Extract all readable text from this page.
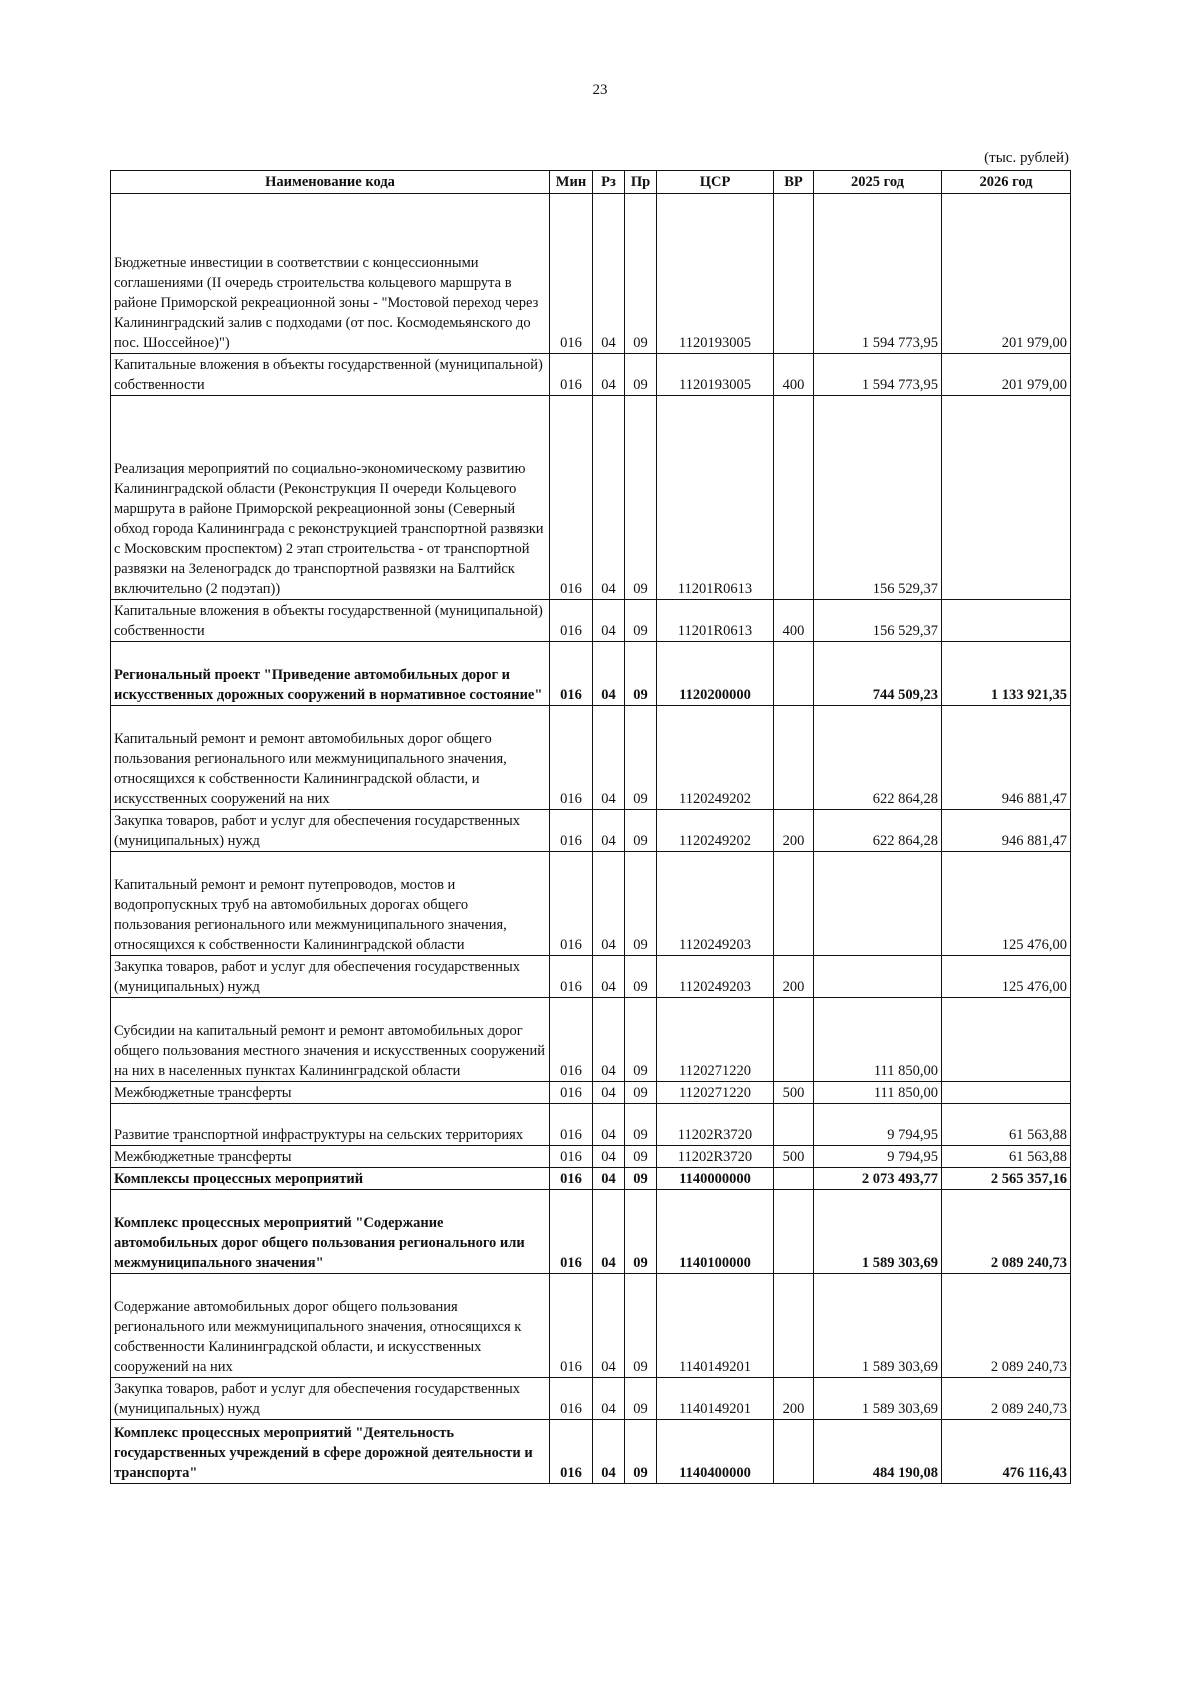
23
(тыс. рублей)
Наименование кода	Мин	Рз	Пр	ЦСР	ВР	2025 год	2026 год
Бюджетные инвестиции в соответствии с концессионными соглашениями (II очередь строительства кольцевого маршрута в районе Приморской рекреационной зоны - "Мостовой переход через Калининградский залив с подходами (от пос. Космодемьянского до пос. Шоссейное)")	016	04	09	1120193005		1 594 773,95	201 979,00
Капитальные вложения в объекты государственной (муниципальной) собственности	016	04	09	1120193005	400	1 594 773,95	201 979,00
Реализация мероприятий по социально-экономическому развитию Калининградской области (Реконструкция II очереди Кольцевого маршрута в районе Приморской рекреационной зоны (Северный обход города Калининграда с реконструкцией транспортной развязки с Московским проспектом) 2 этап строительства - от транспортной развязки на Зеленоградск до транспортной развязки на Балтийск включительно (2 подэтап))	016	04	09	11201R0613		156 529,37	
Капитальные вложения в объекты государственной (муниципальной) собственности	016	04	09	11201R0613	400	156 529,37	
Региональный проект "Приведение автомобильных дорог и искусственных дорожных сооружений в нормативное состояние"	016	04	09	1120200000		744 509,23	1 133 921,35
Капитальный ремонт и ремонт автомобильных дорог общего пользования регионального или межмуниципального значения, относящихся к собственности Калининградской области, и искусственных сооружений на них	016	04	09	1120249202		622 864,28	946 881,47
Закупка товаров, работ и услуг для обеспечения государственных (муниципальных) нужд	016	04	09	1120249202	200	622 864,28	946 881,47
Капитальный ремонт и ремонт путепроводов, мостов и водопропускных труб на автомобильных дорогах общего пользования регионального или межмуниципального значения, относящихся к собственности Калининградской области	016	04	09	1120249203			125 476,00
Закупка товаров, работ и услуг для обеспечения государственных (муниципальных) нужд	016	04	09	1120249203	200		125 476,00
Субсидии на капитальный ремонт и ремонт автомобильных дорог общего пользования местного значения и искусственных сооружений на них в населенных пунктах Калининградской области	016	04	09	1120271220		111 850,00	
Межбюджетные трансферты	016	04	09	1120271220	500	111 850,00	
Развитие транспортной инфраструктуры на сельских территориях	016	04	09	11202R3720		9 794,95	61 563,88
Межбюджетные трансферты	016	04	09	11202R3720	500	9 794,95	61 563,88
Комплексы процессных мероприятий	016	04	09	1140000000		2 073 493,77	2 565 357,16
Комплекс процессных мероприятий "Содержание автомобильных дорог общего пользования регионального или межмуниципального значения"	016	04	09	1140100000		1 589 303,69	2 089 240,73
Содержание автомобильных дорог общего пользования регионального или межмуниципального значения, относящихся к собственности Калининградской области, и искусственных сооружений на них	016	04	09	1140149201		1 589 303,69	2 089 240,73
Закупка товаров, работ и услуг для обеспечения государственных (муниципальных) нужд	016	04	09	1140149201	200	1 589 303,69	2 089 240,73
Комплекс процессных мероприятий "Деятельность государственных учреждений в сфере дорожной деятельности и транспорта"	016	04	09	1140400000		484 190,08	476 116,43
